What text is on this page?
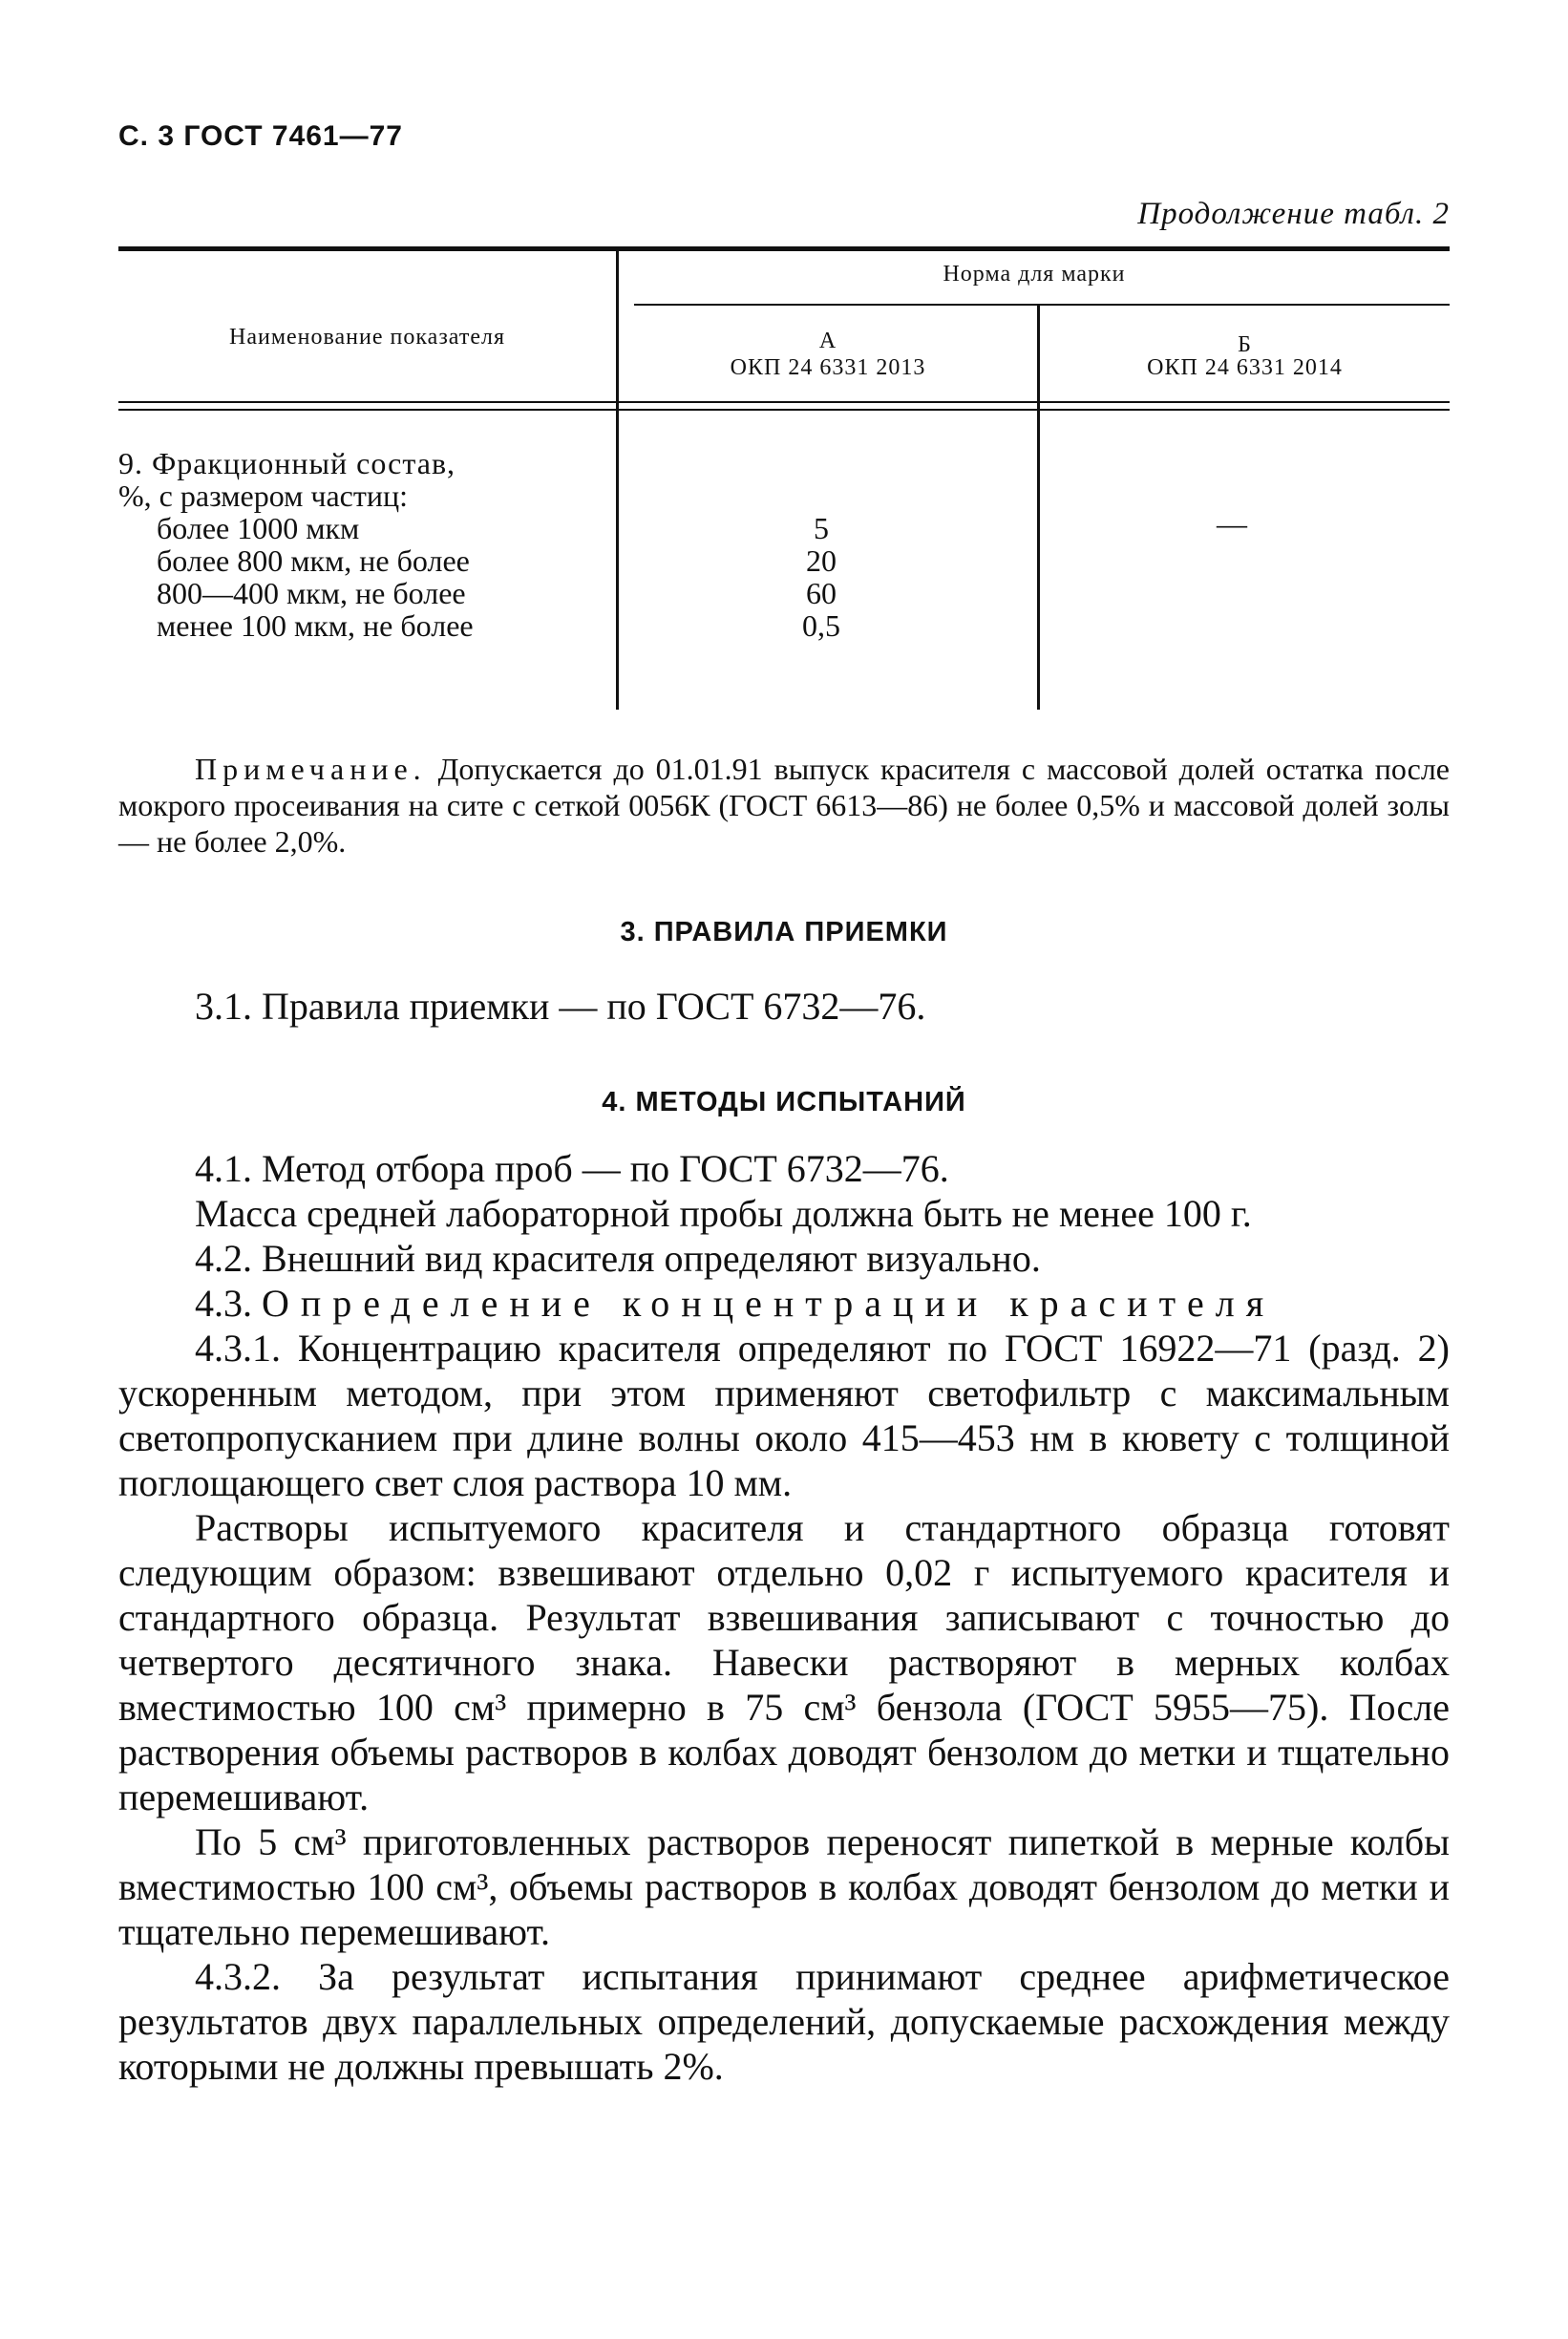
С. 3 ГОСТ 7461—77
Продолжение табл. 2
Наименование показателя
Норма для марки
А
ОКП 24 6331 2013
Б
ОКП 24 6331 2014
9. Фракционный состав,
%, с размером частиц:
более 1000 мкм
более 800 мкм, не более
800—400 мкм, не более
менее 100 мкм, не более
5
20
60
0,5
—
Примечание. Допускается до 01.01.91 выпуск красителя с массовой долей остатка после мокрого просеивания на сите с сеткой 0056К (ГОСТ 6613—86) не более 0,5% и массовой долей золы — не более 2,0%.
3. ПРАВИЛА ПРИЕМКИ

3.1. Правила приемки — по ГОСТ 6732—76.

4. МЕТОДЫ ИСПЫТАНИЙ

4.1. Метод отбора проб — по ГОСТ 6732—76.

Масса средней лабораторной пробы должна быть не менее 100 г.

4.2. Внешний вид красителя определяют визуально.

4.3. Определение концентрации красителя

4.3.1. Концентрацию красителя определяют по ГОСТ 16922—71 (разд. 2) ускоренным методом, при этом применяют светофильтр с максимальным светопропусканием при длине волны около 415—453 нм в кювету с толщиной поглощающего свет слоя раствора 10 мм.

Растворы испытуемого красителя и стандартного образца готовят следующим образом: взвешивают отдельно 0,02 г испытуемого красителя и стандартного образца. Результат взвешивания записывают с точностью до четвертого десятичного знака. Навески растворяют в мерных колбах вместимостью 100 см³ примерно в 75 см³ бензола (ГОСТ 5955—75). После растворения объемы растворов в колбах доводят бензолом до метки и тщательно перемешивают.

По 5 см³ приготовленных растворов переносят пипеткой в мерные колбы вместимостью 100 см³, объемы растворов в колбах доводят бензолом до метки и тщательно перемешивают.

4.3.2. За результат испытания принимают среднее арифметическое результатов двух параллельных определений, допускаемые расхождения между которыми не должны превышать 2%.
